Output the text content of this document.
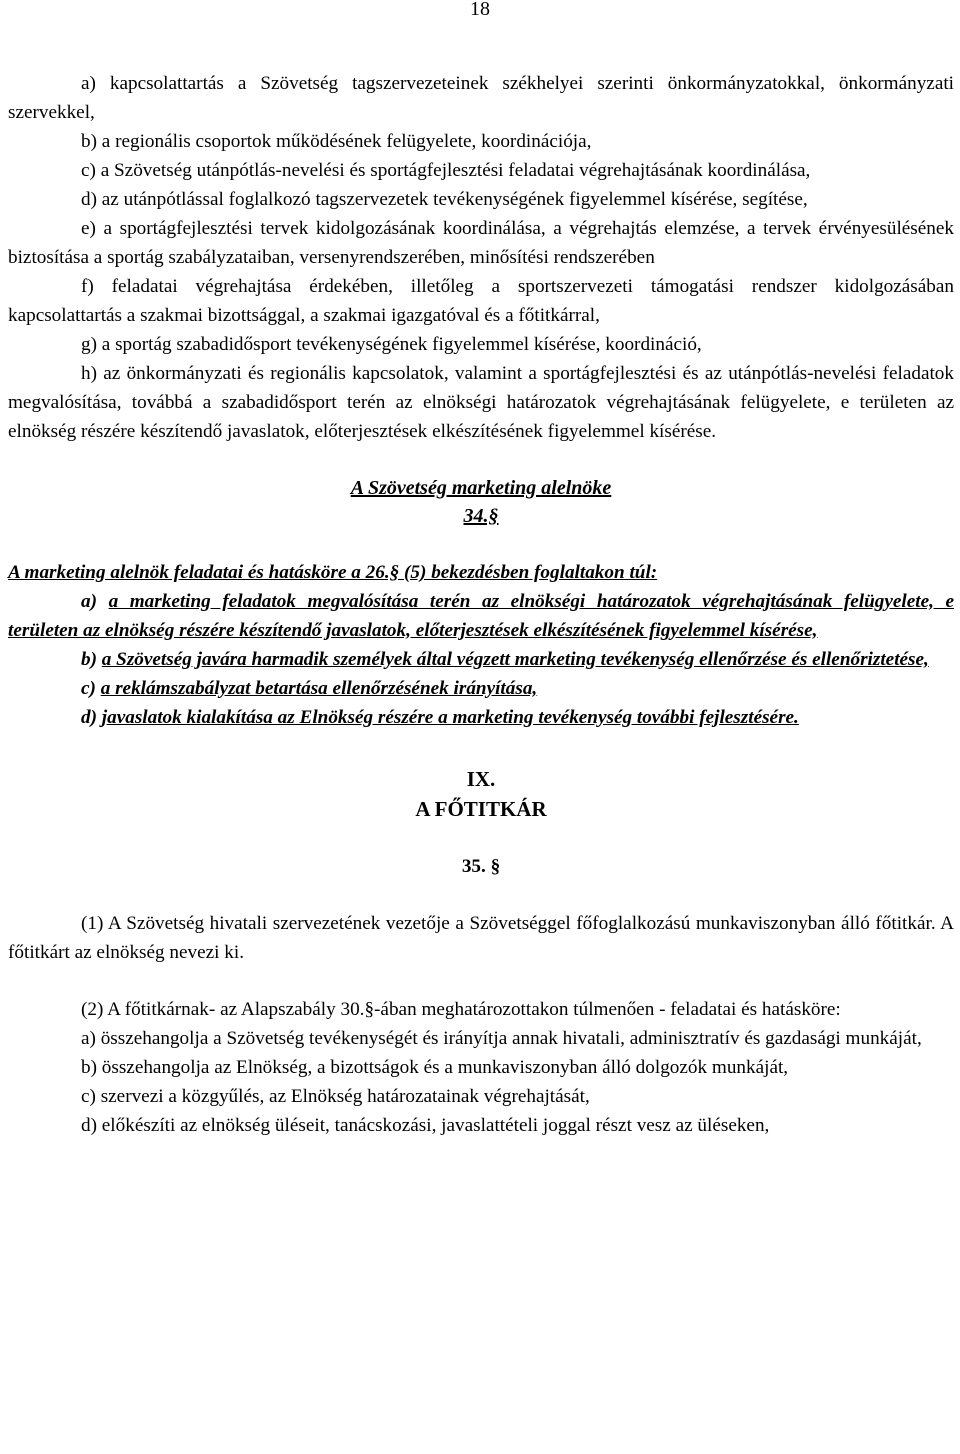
18

a) kapcsolattartás a Szövetség tagszervezeteinek székhelyei szerinti önkormányzatokkal, önkormányzati szervekkel,

b) a regionális csoportok működésének felügyelete, koordinációja,

c) a Szövetség utánpótlás-nevelési és sportágfejlesztési feladatai végrehajtásának koordinálása,

d) az utánpótlással foglalkozó tagszervezetek tevékenységének figyelemmel kísérése, segítése,

e) a sportágfejlesztési tervek kidolgozásának koordinálása, a végrehajtás elemzése, a tervek érvényesülésének biztosítása a sportág szabályzataiban, versenyrendszerében, minősítési rendszerében

f) feladatai végrehajtása érdekében, illetőleg a sportszervezeti támogatási rendszer kidolgozásában kapcsolattartás a szakmai bizottsággal, a szakmai igazgatóval és a főtitkárral,

g) a sportág szabadidősport tevékenységének figyelemmel kísérése, koordináció,

h) az önkormányzati és regionális kapcsolatok, valamint a sportágfejlesztési és az utánpótlás-nevelési feladatok megvalósítása, továbbá a szabadidősport terén az elnökségi határozatok végrehajtásának felügyelete, e területen az elnökség részére készítendő javaslatok, előterjesztések elkészítésének figyelemmel kísérése.

A Szövetség marketing alelnöke

34.§

A marketing alelnök feladatai és hatásköre a 26.§ (5) bekezdésben foglaltakon túl:

a) a marketing feladatok megvalósítása terén az elnökségi határozatok végrehajtásának felügyelete, e területen az elnökség részére készítendő javaslatok, előterjesztések elkészítésének figyelemmel kísérése,

b) a Szövetség javára harmadik személyek által végzett marketing tevékenység ellenőrzése és ellenőriztetése,

c) a reklámszabályzat betartása ellenőrzésének irányítása,

d) javaslatok kialakítása az Elnökség részére a marketing tevékenység további fejlesztésére.

IX.

A FŐTITKÁR

35. §

(1) A Szövetség hivatali szervezetének vezetője a Szövetséggel főfoglalkozású munkaviszonyban álló főtitkár. A főtitkárt az elnökség nevezi ki.

(2) A főtitkárnak- az Alapszabály 30.§-ában meghatározottakon túlmenően - feladatai és hatásköre:

a) összehangolja a Szövetség tevékenységét és irányítja annak hivatali, adminisztratív és gazdasági munkáját,

b) összehangolja az Elnökség, a bizottságok és a munkaviszonyban álló dolgozók munkáját,

c) szervezi a közgyűlés, az Elnökség határozatainak végrehajtását,

d) előkészíti az elnökség üléseit, tanácskozási, javaslattételi joggal részt vesz az üléseken,
